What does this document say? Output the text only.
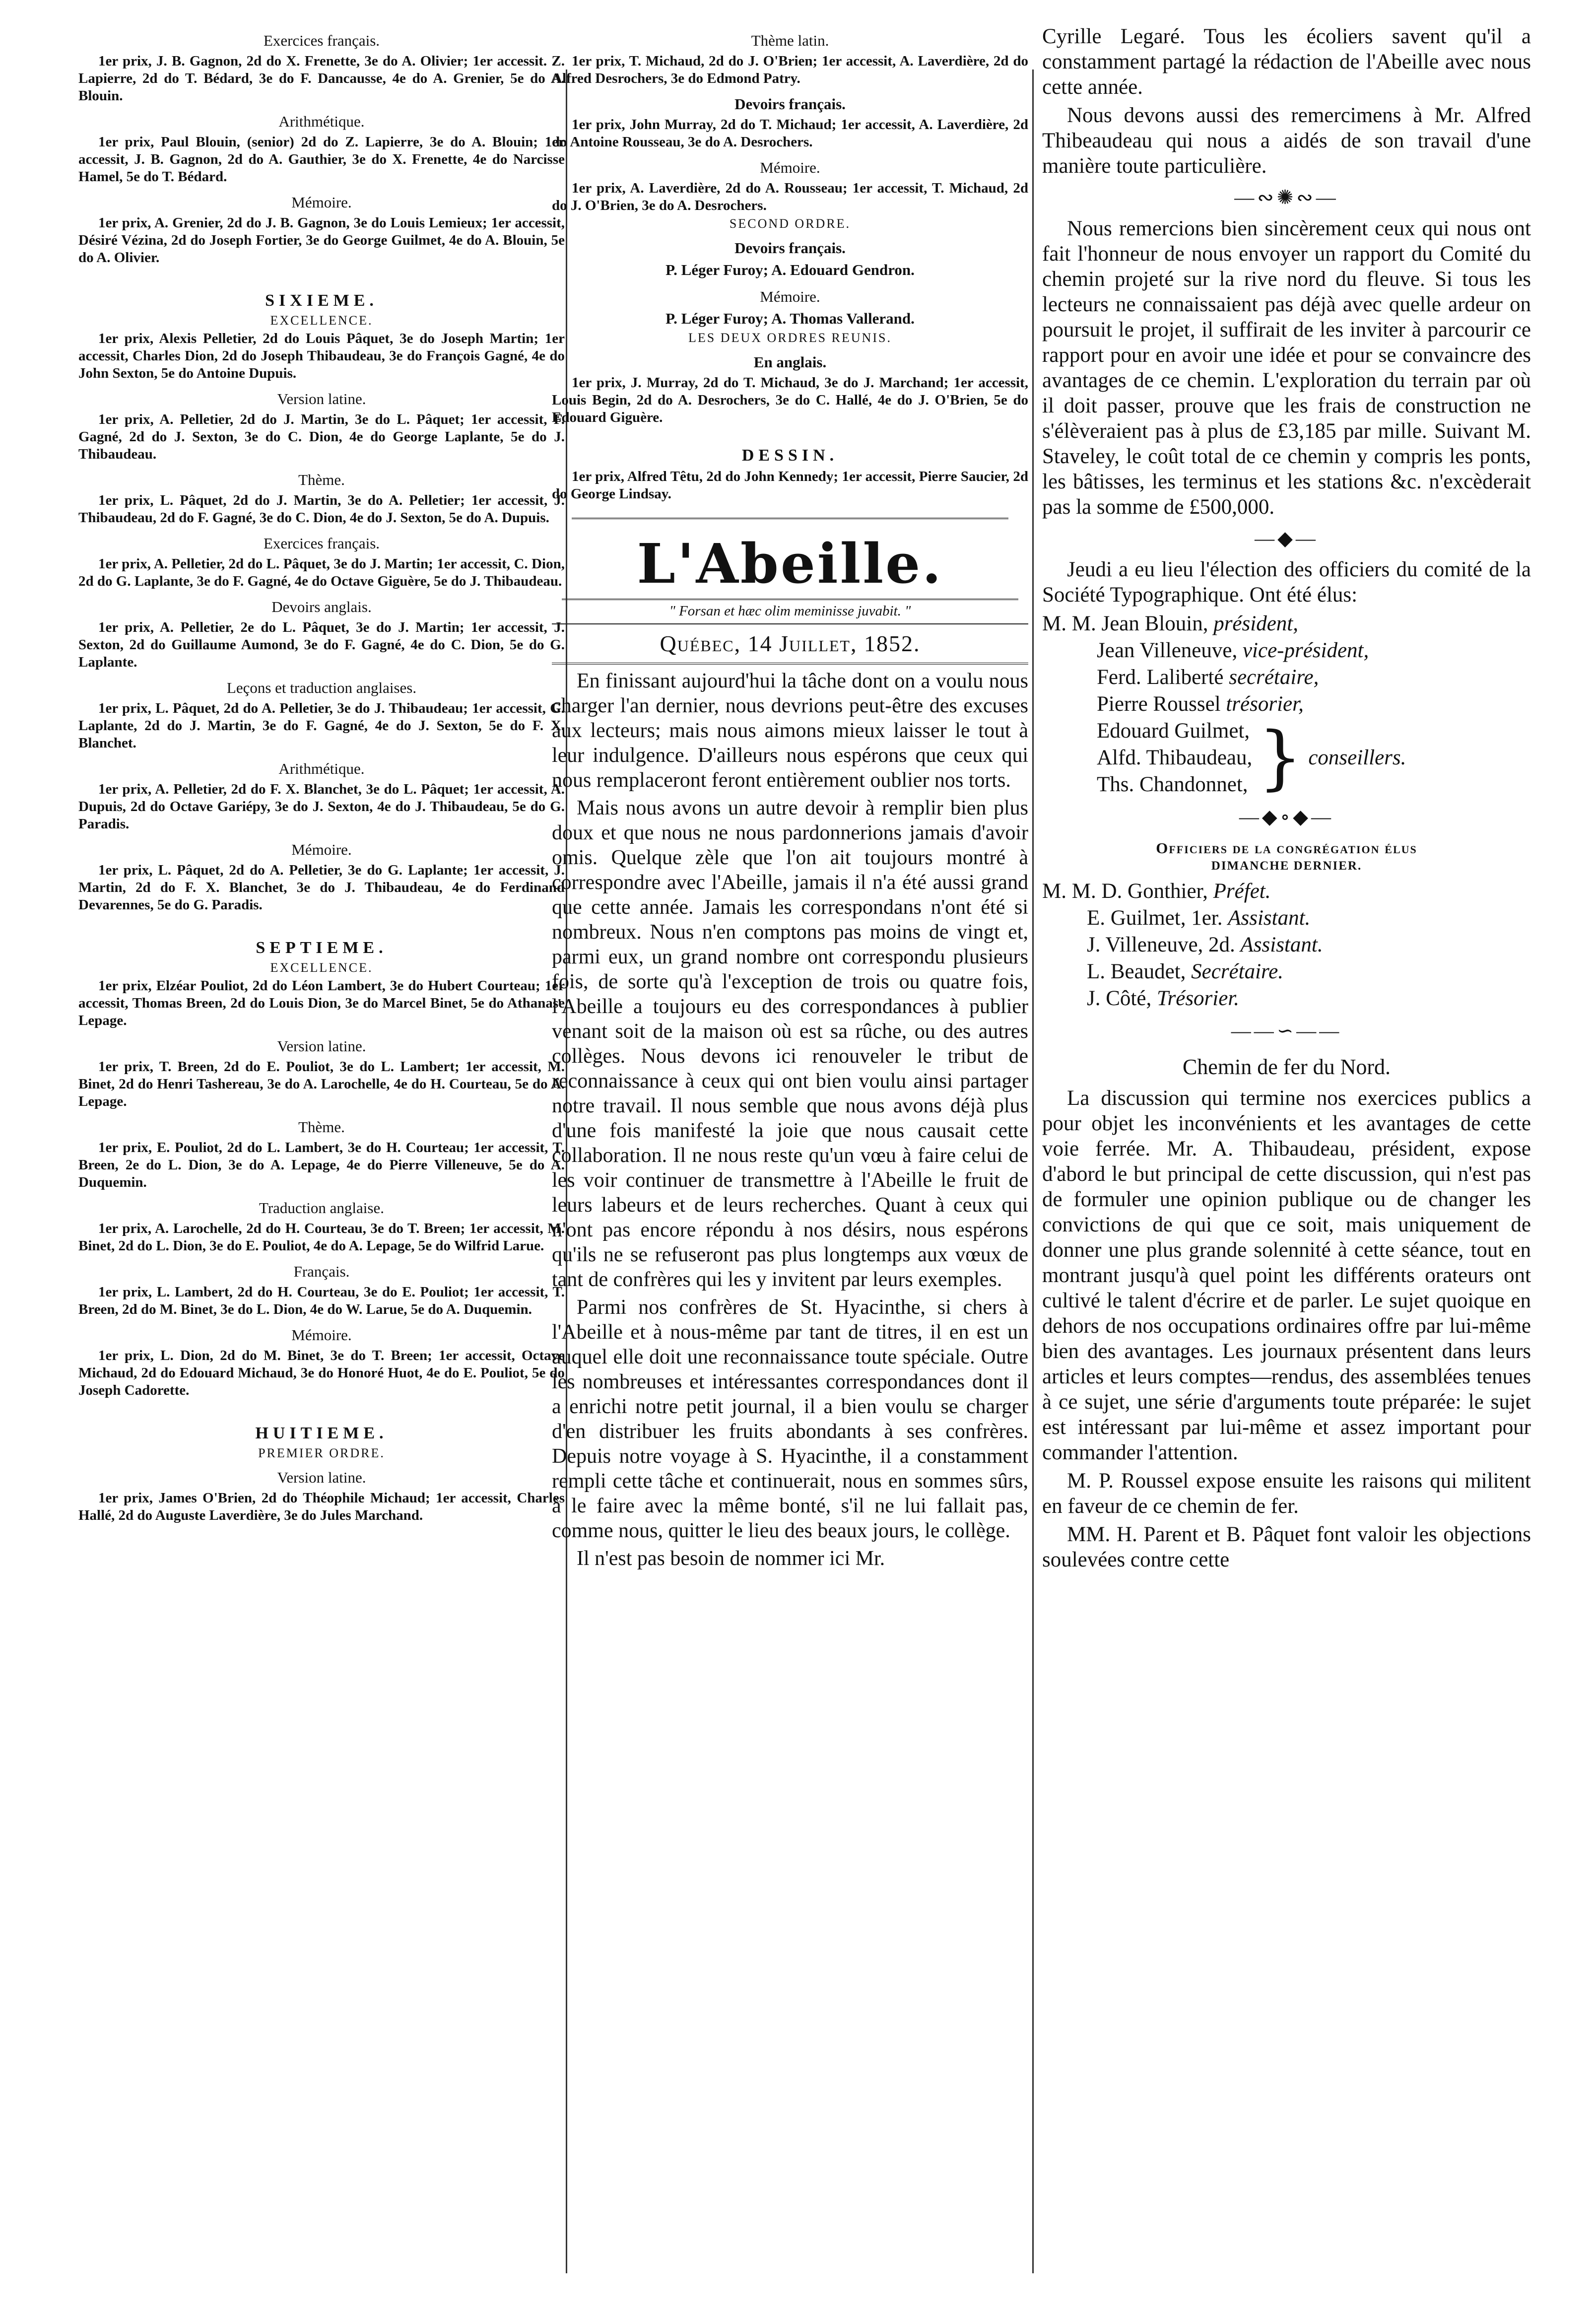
Exercices français.

1er prix, J. B. Gagnon, 2d do X. Frenette, 3e do A. Olivier; 1er accessit. Z. Lapierre, 2d do T. Bédard, 3e do F. Dancausse, 4e do A. Grenier, 5e do A. Blouin.

Arithmétique.

1er prix, Paul Blouin, (senior) 2d do Z. Lapierre, 3e do A. Blouin; 1er accessit, J. B. Gagnon, 2d do A. Gauthier, 3e do X. Frenette, 4e do Narcisse Hamel, 5e do T. Bédard.

Mémoire.

1er prix, A. Grenier, 2d do J. B. Gagnon, 3e do Louis Lemieux; 1er accessit, Désiré Vézina, 2d do Joseph Fortier, 3e do George Guilmet, 4e do A. Blouin, 5e do A. Olivier.

SIXIEME.
EXCELLENCE.

1er prix, Alexis Pelletier, 2d do Louis Pâquet, 3e do Joseph Martin; 1er accessit, Charles Dion, 2d do Joseph Thibaudeau, 3e do François Gagné, 4e do John Sexton, 5e do Antoine Dupuis.

Version latine.

1er prix, A. Pelletier, 2d do J. Martin, 3e do L. Pâquet; 1er accessit, F. Gagné, 2d do J. Sexton, 3e do C. Dion, 4e do George Laplante, 5e do J. Thibaudeau.

Thème.

1er prix, L. Pâquet, 2d do J. Martin, 3e do A. Pelletier; 1er accessit, J. Thibaudeau, 2d do F. Gagné, 3e do C. Dion, 4e do J. Sexton, 5e do A. Dupuis.

Exercices français.

1er prix, A. Pelletier, 2d do L. Pâquet, 3e do J. Martin; 1er accessit, C. Dion, 2d do G. Laplante, 3e do F. Gagné, 4e do Octave Giguère, 5e do J. Thibaudeau.

Devoirs anglais.

1er prix, A. Pelletier, 2e do L. Pâquet, 3e do J. Martin; 1er accessit, J. Sexton, 2d do Guillaume Aumond, 3e do F. Gagné, 4e do C. Dion, 5e do G. Laplante.

Leçons et traduction anglaises.

1er prix, L. Pâquet, 2d do A. Pelletier, 3e do J. Thibaudeau; 1er accessit, G. Laplante, 2d do J. Martin, 3e do F. Gagné, 4e do J. Sexton, 5e do F. X. Blanchet.

Arithmétique.

1er prix, A. Pelletier, 2d do F. X. Blanchet, 3e do L. Pâquet; 1er accessit, A. Dupuis, 2d do Octave Gariépy, 3e do J. Sexton, 4e do J. Thibaudeau, 5e do G. Paradis.

Mémoire.

1er prix, L. Pâquet, 2d do A. Pelletier, 3e do G. Laplante; 1er accessit, J. Martin, 2d do F. X. Blanchet, 3e do J. Thibaudeau, 4e do Ferdinand Devarennes, 5e do G. Paradis.

SEPTIEME.
EXCELLENCE.

1er prix, Elzéar Pouliot, 2d do Léon Lambert, 3e do Hubert Courteau; 1er accessit, Thomas Breen, 2d do Louis Dion, 3e do Marcel Binet, 5e do Athanase Lepage.

Version latine.

1er prix, T. Breen, 2d do E. Pouliot, 3e do L. Lambert; 1er accessit, M. Binet, 2d do Henri Tashereau, 3e do A. Larochelle, 4e do H. Courteau, 5e do A. Lepage.

Thème.

1er prix, E. Pouliot, 2d do L. Lambert, 3e do H. Courteau; 1er accessit, T. Breen, 2e do L. Dion, 3e do A. Lepage, 4e do Pierre Villeneuve, 5e do A. Duquemin.

Traduction anglaise.

1er prix, A. Larochelle, 2d do H. Courteau, 3e do T. Breen; 1er accessit, M. Binet, 2d do L. Dion, 3e do E. Pouliot, 4e do A. Lepage, 5e do Wilfrid Larue.

Français.

1er prix, L. Lambert, 2d do H. Courteau, 3e do E. Pouliot; 1er accessit, T. Breen, 2d do M. Binet, 3e do L. Dion, 4e do W. Larue, 5e do A. Duquemin.

Mémoire.

1er prix, L. Dion, 2d do M. Binet, 3e do T. Breen; 1er accessit, Octave Michaud, 2d do Edouard Michaud, 3e do Honoré Huot, 4e do E. Pouliot, 5e do Joseph Cadorette.

HUITIEME.
PREMIER ORDRE.
Version latine.

1er prix, James O'Brien, 2d do Théophile Michaud; 1er accessit, Charles Hallé, 2d do Auguste Laverdière, 3e do Jules Marchand.

Thème latin.

1er prix, T. Michaud, 2d do J. O'Brien; 1er accessit, A. Laverdière, 2d do Alfred Desrochers, 3e do Edmond Patry.

Devoirs français.

1er prix, John Murray, 2d do T. Michaud; 1er accessit, A. Laverdière, 2d do Antoine Rousseau, 3e do A. Desrochers.

Mémoire.

1er prix, A. Laverdière, 2d do A. Rousseau; 1er accessit, T. Michaud, 2d do J. O'Brien, 3e do A. Desrochers.

SECOND ORDRE.
Devoirs français.
P. Léger Furoy; A. Edouard Gendron.
Mémoire.
P. Léger Furoy; A. Thomas Vallerand.
LES DEUX ORDRES REUNIS.
En anglais.

1er prix, J. Murray, 2d do T. Michaud, 3e do J. Marchand; 1er accessit, Louis Begin, 2d do A. Desrochers, 3e do C. Hallé, 4e do J. O'Brien, 5e do Edouard Giguère.

DESSIN.

1er prix, Alfred Têtu, 2d do John Kennedy; 1er accessit, Pierre Saucier, 2d do George Lindsay.

L'Abeille.
" Forsan et hæc olim meminisse juvabit. "
Québec, 14 Juillet, 1852.

En finissant aujourd'hui la tâche dont on a voulu nous charger l'an dernier, nous devrions peut-être des excuses aux lecteurs; mais nous aimons mieux laisser le tout à leur indulgence. D'ailleurs nous espérons que ceux qui nous remplaceront feront entièrement oublier nos torts.

Mais nous avons un autre devoir à remplir bien plus doux et que nous ne nous pardonnerions jamais d'avoir omis. Quelque zèle que l'on ait toujours montré à correspondre avec l'Abeille, jamais il n'a été aussi grand que cette année. Jamais les correspondans n'ont été si nombreux. Nous n'en comptons pas moins de vingt et, parmi eux, un grand nombre ont correspondu plusieurs fois, de sorte qu'à l'exception de trois ou quatre fois, l'Abeille a toujours eu des correspondances à publier venant soit de la maison où est sa rûche, ou des autres collèges. Nous devons ici renouveler le tribut de reconnaissance à ceux qui ont bien voulu ainsi partager notre travail. Il nous semble que nous avons déjà plus d'une fois manifesté la joie que nous causait cette collaboration. Il ne nous reste qu'un vœu à faire celui de les voir continuer de transmettre à l'Abeille le fruit de leurs labeurs et de leurs recherches. Quant à ceux qui n'ont pas encore répondu à nos désirs, nous espérons qu'ils ne se refuseront pas plus longtemps aux vœux de tant de confrères qui les y invitent par leurs exemples.

Parmi nos confrères de St. Hyacinthe, si chers à l'Abeille et à nous-même par tant de titres, il en est un auquel elle doit une reconnaissance toute spéciale. Outre les nombreuses et intéressantes correspondances dont il a enrichi notre petit journal, il a bien voulu se charger d'en distribuer les fruits abondants à ses confrères. Depuis notre voyage à S. Hyacinthe, il a constamment rempli cette tâche et continuerait, nous en sommes sûrs, à le faire avec la même bonté, s'il ne lui fallait pas, comme nous, quitter le lieu des beaux jours, le collège.

Il n'est pas besoin de nommer ici Mr.

Cyrille Legaré. Tous les écoliers savent qu'il a constamment partagé la rédaction de l'Abeille avec nous cette année.

Nous devons aussi des remercimens à Mr. Alfred Thibeaudeau qui nous a aidés de son travail d'une manière toute particulière.

—∾✺∾—

Nous remercions bien sincèrement ceux qui nous ont fait l'honneur de nous envoyer un rapport du Comité du chemin projeté sur la rive nord du fleuve. Si tous les lecteurs ne connaissaient pas déjà avec quelle ardeur on poursuit le projet, il suffirait de les inviter à parcourir ce rapport pour en avoir une idée et pour se convaincre des avantages de ce chemin. L'exploration du terrain par où il doit passer, prouve que les frais de construction ne s'élèveraient pas à plus de £3,185 par mille. Suivant M. Staveley, le coût total de ce chemin y compris les ponts, les bâtisses, les terminus et les stations &c. n'excèderait pas la somme de £500,000.

—◆—

Jeudi a eu lieu l'élection des officiers du comité de la Société Typographique. Ont été élus:

M. M. Jean Blouin, président,

Jean Villeneuve, vice-président,

Ferd. Laliberté secrétaire,

Pierre Roussel trésorier,

Edouard Guilmet,
Alfd. Thibaudeau,
Ths. Chandonnet, } conseillers.
—◆∘◆—
Officiers de la congrégation élus
DIMANCHE DERNIER.

M. M. D. Gonthier, Préfet.

E. Guilmet, 1er. Assistant.

J. Villeneuve, 2d. Assistant.

L. Beaudet, Secrétaire.

J. Côté, Trésorier.

——∽——
Chemin de fer du Nord.

La discussion qui termine nos exercices publics a pour objet les inconvénients et les avantages de cette voie ferrée. Mr. A. Thibaudeau, président, expose d'abord le but principal de cette discussion, qui n'est pas de formuler une opinion publique ou de changer les convictions de qui que ce soit, mais uniquement de donner une plus grande solennité à cette séance, tout en montrant jusqu'à quel point les différents orateurs ont cultivé le talent d'écrire et de parler. Le sujet quoique en dehors de nos occupations ordinaires offre par lui-même bien des avantages. Les journaux présentent dans leurs articles et leurs comptes—rendus, des assemblées tenues à ce sujet, une série d'arguments toute préparée: le sujet est intéressant par lui-même et assez important pour commander l'attention.

M. P. Roussel expose ensuite les raisons qui militent en faveur de ce chemin de fer.

MM. H. Parent et B. Pâquet font valoir les objections soulevées contre cette
